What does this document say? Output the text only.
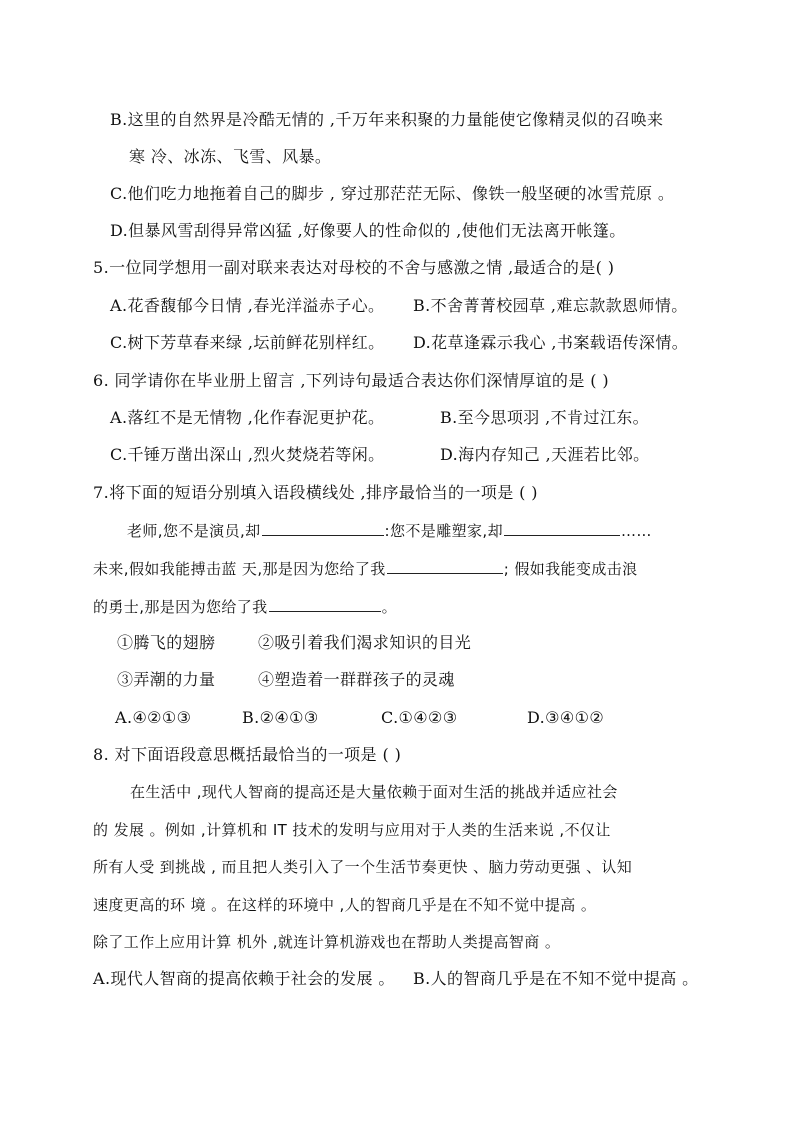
B.这里的自然界是冷酷无情的 ,千万年来积聚的力量能使它像精灵似的召唤来
寒 冷、冰冻、飞雪、风暴。
C.他们吃力地拖着自己的脚步 , 穿过那茫茫无际、像铁一般坚硬的冰雪荒原 。
D.但暴风雪刮得异常凶猛 ,好像要人的性命似的 ,使他们无法离开帐篷。
5.一位同学想用一副对联来表达对母校的不舍与感激之情 ,最适合的是( )
A.花香馥郁今日情 ,春光洋溢赤子心。 B.不舍菁菁校园草 ,难忘款款恩师情。
C.树下芳草春来绿 ,坛前鲜花别样红。 D.花草逢霖示我心 ,书案载语传深情。
6. 同学请你在毕业册上留言 ,下列诗句最适合表达你们深情厚谊的是 ( )
A.落红不是无情物 ,化作春泥更护花。	B.至今思项羽 ,不肯过江东。
C.千锤万凿出深山 ,烈火焚烧若等闲。	D.海内存知己 ,天涯若比邻。
7.将下面的短语分别填入语段横线处 ,排序最恰当的一项是 ( )
老师,您不是演员,却	:您不是雕塑家,却	……
未来,假如我能搏击蓝 天,那是因为您给了我	; 假如我能变成击浪
的勇士,那是因为您给了我	。
①腾飞的翅膀	②吸引着我们渴求知识的目光
③弄潮的力量	④塑造着一群群孩子的灵魂
A.④②①③	B.②④①③	C.①④②③	D.③④①②
8. 对下面语段意思概括最恰当的一项是 ( )
在生活中 ,现代人智商的提高还是大量依赖于面对生活的挑战并适应社会
的 发展 。例如 ,计算机和 IT 技术的发明与应用对于人类的生活来说 ,不仅让
所有人受 到挑战 , 而且把人类引入了一个生活节奏更快 、脑力劳动更强 、认知
速度更高的环 境 。在这样的环境中 ,人的智商几乎是在不知不觉中提高 。
除了工作上应用计算 机外 ,就连计算机游戏也在帮助人类提高智商 。
A.现代人智商的提高依赖于社会的发展 。 B.人的智商几乎是在不知不觉中提高 。
